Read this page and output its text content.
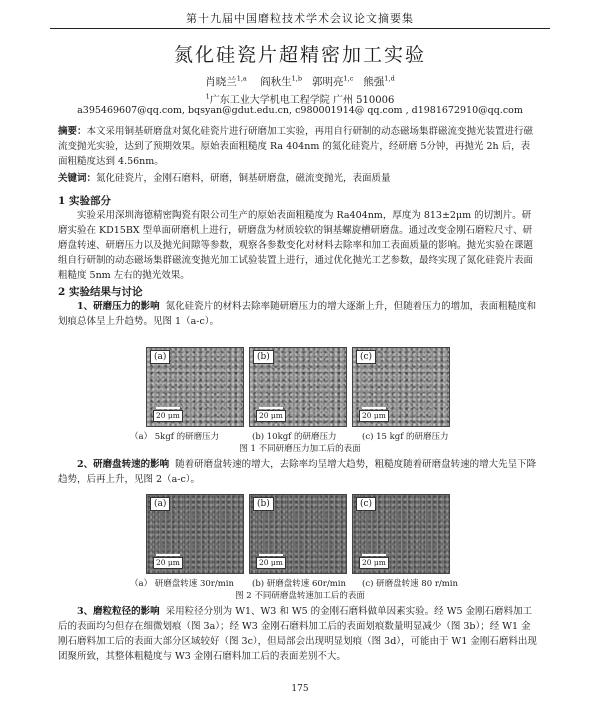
第十九届中国磨粒技术学术会议论文摘要集
氮化硅瓷片超精密加工实验
肖晓兰$^{1,a}$ 阎秋生$^{1,b}$ 郭明亮$^{1,c}$ 熊强$^{1,d}$
$^1$广东工业大学机电工程学院 广州 510006
a395469607@qq.com, bqsyan@gdut.edu.cn, c980001914@ qq.com , d1981672910@qq.com
摘要：本文采用铜基研磨盘对氮化硅瓷片进行研磨加工实验，再用自行研制的动态磁场集群磁流变抛光装置进行磁流变抛光实验，达到了预期效果。原始表面粗糙度 Ra 404nm 的氮化硅瓷片，经研磨 5分钟，再抛光 2h 后，表面粗糙度达到 4.56nm。
关键词：氮化硅瓷片，金刚石磨料，研磨，铜基研磨盘，磁流变抛光，表面质量
1 实验部分
实验采用深圳海德精密陶瓷有限公司生产的原始表面粗糙度为 Ra404nm，厚度为 813±2μm 的切割片。研磨实验在 KD15BX 型单面研磨机上进行，研磨盘为材质较软的铜基螺旋槽研磨盘。通过改变金刚石磨粒尺寸、研磨盘转速、研磨压力以及抛光间隙等参数，观察各参数变化对材料去除率和加工表面质量的影响。抛光实验在课题组自行研制的动态磁场集群磁流变抛光加工试验装置上进行，通过优化抛光工艺参数，最终实现了氮化硅瓷片表面粗糙度 5nm 左右的抛光效果。
2 实验结果与讨论
1、研磨压力的影响 氮化硅瓷片的材料去除率随研磨压力的增大逐渐上升，但随着压力的增加，表面粗糙度和划痕总体呈上升趋势。见图 1（a-c）。
(a)
20 μm
(b)
20 μm
(c)
20 μm
（a） 5kgf 的研磨压力	(b) 10kgf 的研磨压力	(c) 15 kgf 的研磨压力
图 1 不同研磨压力加工后的表面
2、研磨盘转速的影响 随着研磨盘转速的增大，去除率均呈增大趋势，粗糙度随着研磨盘转速的增大先呈下降趋势，后再上升，见图 2（a-c）。
(a)
20 μm
(b)
20 μm
(c)
20 μm
（a） 研磨盘转速 30r/min (b) 研磨盘转速 60r/min (c) 研磨盘转速 80 r/min
图 2 不同研磨盘转速加工后的表面
3、磨粒粒径的影响 采用粒径分别为 W1、W3 和 W5 的金刚石磨料做单因素实验。经 W5 金刚石磨料加工后的表面均匀但存在细微划痕（图 3a）；经 W3 金刚石磨料加工后的表面划痕数量明显减少（图 3b）；经 W1 金刚石磨料加工后的表面大部分区域较好（图 3c），但局部会出现明显划痕（图 3d），可能由于 W1 金刚石磨料出现团聚所致，其整体粗糙度与 W3 金刚石磨料加工后的表面差别不大。
175
